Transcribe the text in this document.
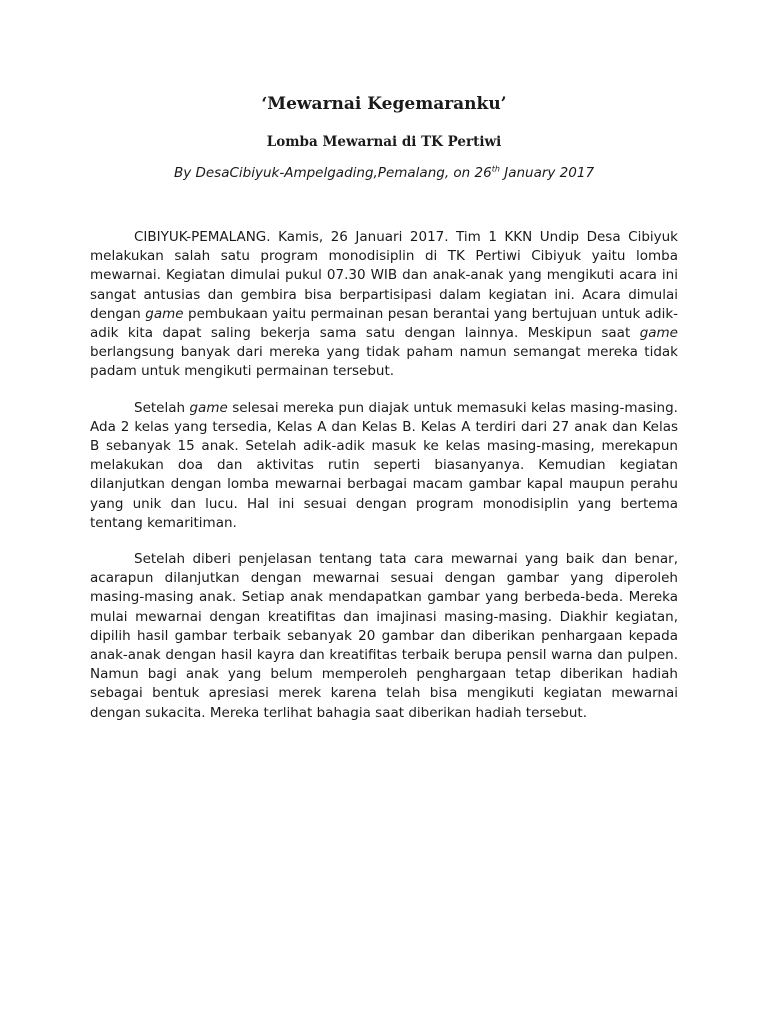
‘Mewarnai Kegemaranku’
Lomba Mewarnai di TK Pertiwi

By DesaCibiyuk-Ampelgading,Pemalang, on 26th January 2017

CIBIYUK-PEMALANG. Kamis, 26 Januari 2017. Tim 1 KKN Undip Desa Cibiyuk melakukan salah satu program monodisiplin di TK Pertiwi Cibiyuk yaitu lomba mewarnai. Kegiatan dimulai pukul 07.30 WIB dan anak-anak yang mengikuti acara ini sangat antusias dan gembira bisa berpartisipasi dalam kegiatan ini. Acara dimulai dengan game pembukaan yaitu permainan pesan berantai yang bertujuan untuk adik-adik kita dapat saling bekerja sama satu dengan lainnya. Meskipun saat game berlangsung banyak dari mereka yang tidak paham namun semangat mereka tidak padam untuk mengikuti permainan tersebut.

Setelah game selesai mereka pun diajak untuk memasuki kelas masing-masing. Ada 2 kelas yang tersedia, Kelas A dan Kelas B. Kelas A terdiri dari 27 anak dan Kelas B sebanyak 15 anak. Setelah adik-adik masuk ke kelas masing-masing, merekapun melakukan doa dan aktivitas rutin seperti biasanyanya. Kemudian kegiatan dilanjutkan dengan lomba mewarnai berbagai macam gambar kapal maupun perahu yang unik dan lucu. Hal ini sesuai dengan program monodisiplin yang bertema tentang kemaritiman.

Setelah diberi penjelasan tentang tata cara mewarnai yang baik dan benar, acarapun dilanjutkan dengan mewarnai sesuai dengan gambar yang diperoleh masing-masing anak. Setiap anak mendapatkan gambar yang berbeda-beda. Mereka mulai mewarnai dengan kreatifitas dan imajinasi masing-masing. Diakhir kegiatan, dipilih hasil gambar terbaik sebanyak 20 gambar dan diberikan penhargaan kepada anak-anak dengan hasil kayra dan kreatifitas terbaik berupa pensil warna dan pulpen. Namun bagi anak yang belum memperoleh penghargaan tetap diberikan hadiah sebagai bentuk apresiasi merek karena telah bisa mengikuti kegiatan mewarnai dengan sukacita. Mereka terlihat bahagia saat diberikan hadiah tersebut.
